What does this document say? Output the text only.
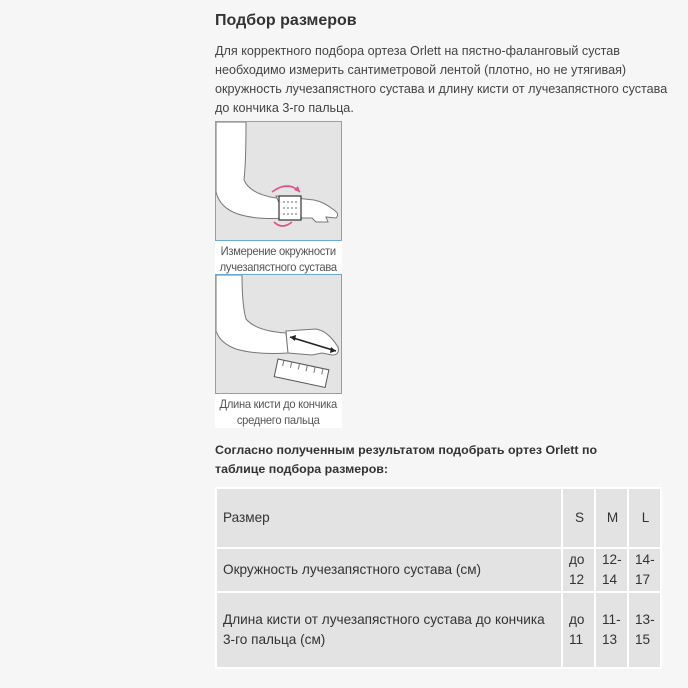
Подбор размеров
Для корректного подбора ортеза Orlett на пястно-фаланговый сустав необходимо измерить сантиметровой лентой (плотно, но не утягивая) окружность лучезапястного сустава и длину кисти от лучезапястного сустава до кончика 3-го пальца.
Измерение окружности
лучезапястного сустава
Длина кисти до кончика
среднего пальца
Согласно полученным результатом подобрать ортез Orlett по таблице подбора размеров:
Размер	S	M	L
Окружность лучезапястного сустава (см)	до 12	12-14	14-17
Длина кисти от лучезапястного сустава до кончика 3-го пальца (см)	до 11	11-13	13-15
